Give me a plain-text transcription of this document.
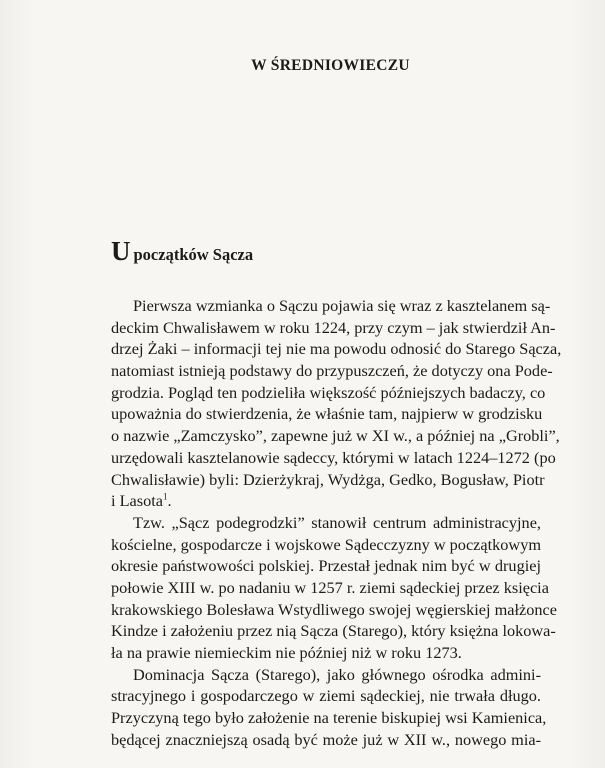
W ŚREDNIOWIECZU
Upoczątków Sącza
Pierwsza wzmianka o Sączu pojawia się wraz z kasztelanem są-
deckim Chwalisławem w roku 1224, przy czym – jak stwierdził An-
drzej Żaki – informacji tej nie ma powodu odnosić do Starego Sącza,
natomiast istnieją podstawy do przypuszczeń, że dotyczy ona Pode-
grodzia. Pogląd ten podzieliła większość późniejszych badaczy, co
upoważnia do stwierdzenia, że właśnie tam, najpierw w grodzisku
o nazwie „Zamczysko”, zapewne już w XI w., a później na „Grobli”,
urzędowali kasztelanowie sądeccy, którymi w latach 1224–1272 (po
Chwalisławie) byli: Dzierżykraj, Wydżga, Gedko, Bogusław, Piotr
i Lasota$^1$.
Tzw. „Sącz podegrodzki” stanowił centrum administracyjne,
kościelne, gospodarcze i wojskowe Sądecczyzny w początkowym
okresie państwowości polskiej. Przestał jednak nim być w drugiej
połowie XIII w. po nadaniu w 1257 r. ziemi sądeckiej przez księcia
krakowskiego Bolesława Wstydliwego swojej węgierskiej małżonce
Kindze i założeniu przez nią Sącza (Starego), który księżna lokowa-
ła na prawie niemieckim nie później niż w roku 1273.
Dominacja Sącza (Starego), jako głównego ośrodka admini-
stracyjnego i gospodarczego w ziemi sądeckiej, nie trwała długo.
Przyczyną tego było założenie na terenie biskupiej wsi Kamienica,
będącej znaczniejszą osadą być może już w XII w., nowego mia-
